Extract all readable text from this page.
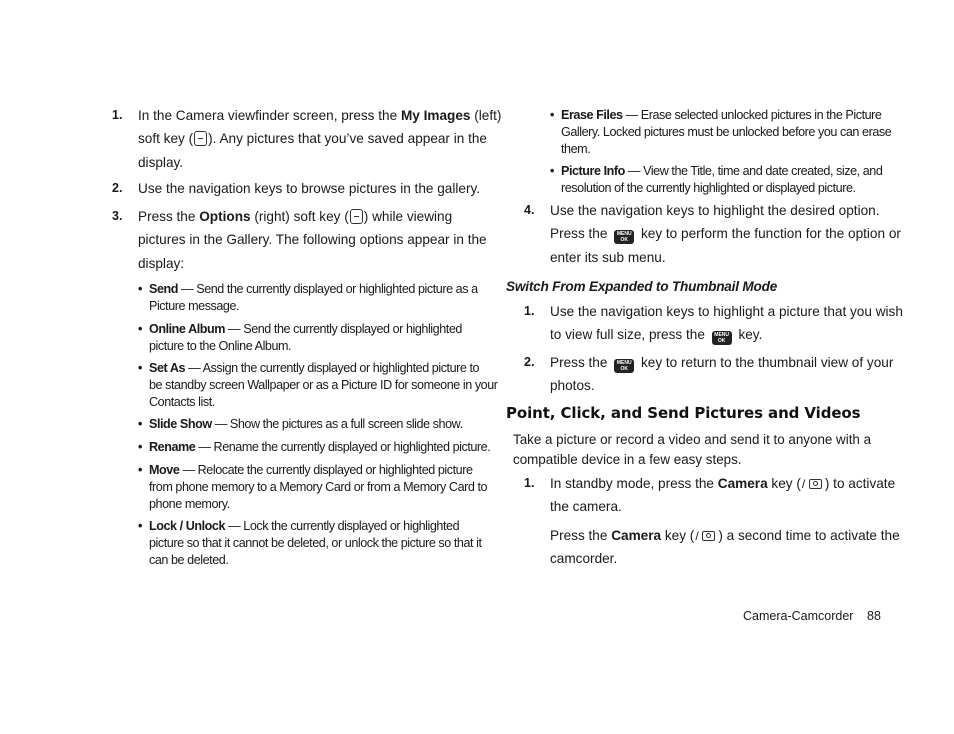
1. In the Camera viewfinder screen, press the My Images (left)
soft key ( ). Any pictures that you’ve saved appear in the
display.
2. Use the navigation keys to browse pictures in the gallery.
3. Press the Options (right) soft key ( ) while viewing
pictures in the Gallery. The following options appear in the
display:
• Send — Send the currently displayed or highlighted picture as a
Picture message.
• Online Album — Send the currently displayed or highlighted
picture to the Online Album.
• Set As — Assign the currently displayed or highlighted picture to
be standby screen Wallpaper or as a Picture ID for someone in your
Contacts list.
• Slide Show — Show the pictures as a full screen slide show.
• Rename — Rename the currently displayed or highlighted picture.
• Move — Relocate the currently displayed or highlighted picture
from phone memory to a Memory Card or from a Memory Card to
phone memory.
• Lock / Unlock — Lock the currently displayed or highlighted
picture so that it cannot be deleted, or unlock the picture so that it
can be deleted.
• Erase Files — Erase selected unlocked pictures in the Picture
Gallery. Locked pictures must be unlocked before you can erase
them.
• Picture Info — View the Title, time and date created, size, and
resolution of the currently highlighted or displayed picture.
4. Use the navigation keys to highlight the desired option.
Press the MENU
OK key to perform the function for the option or
enter its sub menu.
Switch From Expanded to Thumbnail Mode
1. Use the navigation keys to highlight a picture that you wish
to view full size, press the MENU
OK key.
2. Press the MENU
OK key to return to the thumbnail view of your
photos.
Point, Click, and Send Pictures and Videos
Take a picture or record a video and send it to anyone with a
compatible device in a few easy steps.
1. In standby mode, press the Camera key ( / ) to activate
the camera.
Press the Camera key ( / ) a second time to activate the
camcorder.
Camera-Camcorder 88
